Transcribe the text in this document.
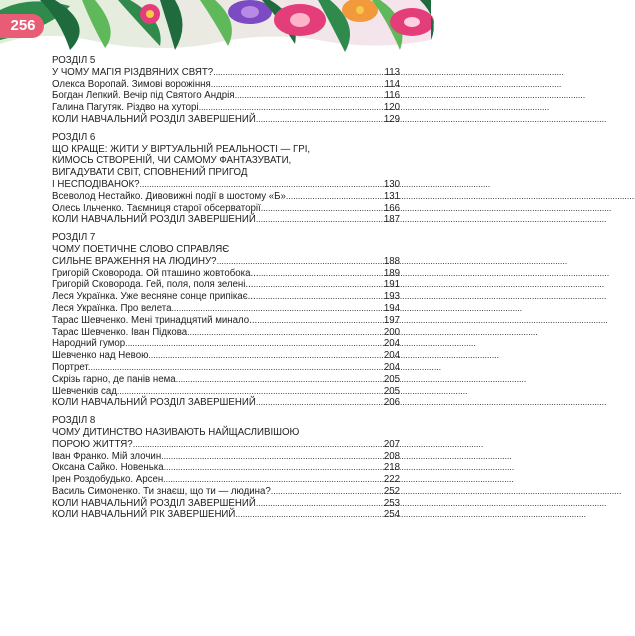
256
РОЗДІЛ 5
У ЧОМУ МАГІЯ РІЗДВЯНИХ СВЯТ? . . .	113
Олекса Воропай. Зимові ворожіння . . .	114
Богдан Лепкий. Вечір під Святого Андрія . . .	116
Галина Пагутяк. Різдво на хуторі . . .	120
КОЛИ НАВЧАЛЬНИЙ РОЗДІЛ ЗАВЕРШЕНИЙ . . .	129
РОЗДІЛ 6
ЩО КРАЩЕ: ЖИТИ У ВІРТУАЛЬНІЙ РЕАЛЬНОСТІ — ГРІ,
КИМОСЬ СТВОРЕНІЙ, ЧИ САМОМУ ФАНТАЗУВАТИ,
ВИГАДУВАТИ СВІТ, СПОВНЕНИЙ ПРИГОД
І НЕСПОДІВАНОК? . . .	130
Всеволод Нестайко. Дивовижні події в шостому «Б» . . .	131
Олесь Ільченко. Таємниця старої обсерваторії . . .	166
КОЛИ НАВЧАЛЬНИЙ РОЗДІЛ ЗАВЕРШЕНИЙ . . .	187
РОЗДІЛ 7
ЧОМУ ПОЕТИЧНЕ СЛОВО СПРАВЛЯЄ
СИЛЬНЕ ВРАЖЕННЯ НА ЛЮДИНУ? . . .	188
Григорій Сковорода. Ой пташино жовтобока... . . .	189
Григорій Сковорода. Гей, поля, поля зелені... . . .	191
Леся Українка. Уже весняне сонце припікає... . . .	193
Леся Українка. Про велета . . .	194
Тарас Шевченко. Мені тринадцятий минало... . . .	197
Тарас Шевченко. Іван Підкова . . .	200
Народний гумор . . .	204
Шевченко над Невою . . .	204
Портрет. . . .	204
Скрізь гарно, де панів нема . . .	205
Шевченків сад . . .	205
КОЛИ НАВЧАЛЬНИЙ РОЗДІЛ ЗАВЕРШЕНИЙ . . .	206
РОЗДІЛ 8
ЧОМУ ДИТИНСТВО НАЗИВАЮТЬ НАЙЩАСЛИВІШОЮ
ПОРОЮ ЖИТТЯ? . . .	207
Іван Франко. Мій злочин . . .	208
Оксана Сайко. Новенька . . .	218
Ірен Роздобудько. Арсен . . .	222
Василь Симоненко. Ти знаєш, що ти — людина? . . .	252
КОЛИ НАВЧАЛЬНИЙ РОЗДІЛ ЗАВЕРШЕНИЙ . . .	253
КОЛИ НАВЧАЛЬНИЙ РІК ЗАВЕРШЕНИЙ . . .	254
